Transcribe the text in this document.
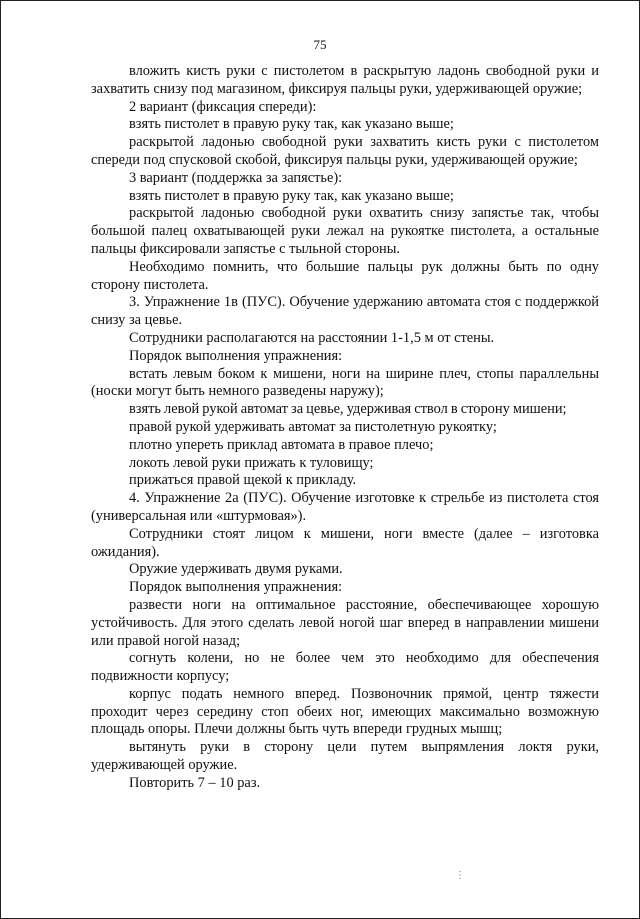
75

вложить кисть руки с пистолетом в раскрытую ладонь свободной руки и захватить снизу под магазином, фиксируя пальцы руки, удерживающей оружие;

2 вариант (фиксация спереди):

взять пистолет в правую руку так, как указано выше;

раскрытой ладонью свободной руки захватить кисть руки с пистолетом спереди под спусковой скобой, фиксируя пальцы руки, удерживающей оружие;

3 вариант (поддержка за запястье):

взять пистолет в правую руку так, как указано выше;

раскрытой ладонью свободной руки охватить снизу запястье так, чтобы большой палец охватывающей руки лежал на рукоятке пистолета, а остальные пальцы фиксировали запястье с тыльной стороны.

Необходимо помнить, что большие пальцы рук должны быть по одну сторону пистолета.

3. Упражнение 1в (ПУС). Обучение удержанию автомата стоя с поддержкой снизу за цевье.

Сотрудники располагаются на расстоянии 1-1,5 м от стены.

Порядок выполнения упражнения:

встать левым боком к мишени, ноги на ширине плеч, стопы параллельны (носки могут быть немного разведены наружу);

взять левой рукой автомат за цевье, удерживая ствол в сторону мишени;

правой рукой удерживать автомат за пистолетную рукоятку;

плотно упереть приклад автомата в правое плечо;

локоть левой руки прижать к туловищу;

прижаться правой щекой к прикладу.

4. Упражнение 2а (ПУС). Обучение изготовке к стрельбе из пистолета стоя (универсальная или «штурмовая»).

Сотрудники стоят лицом к мишени, ноги вместе (далее – изготовка ожидания).

Оружие удерживать двумя руками.

Порядок выполнения упражнения:

развести ноги на оптимальное расстояние, обеспечивающее хорошую устойчивость. Для этого сделать левой ногой шаг вперед в направлении мишени или правой ногой назад;

согнуть колени, но не более чем это необходимо для обеспечения подвижности корпусу;

корпус подать немного вперед. Позвоночник прямой, центр тяжести проходит через середину стоп обеих ног, имеющих максимально возможную площадь опоры. Плечи должны быть чуть впереди грудных мышц;

вытянуть руки в сторону цели путем выпрямления локтя руки, удерживающей оружие.

Повторить 7 – 10 раз.

⋮
